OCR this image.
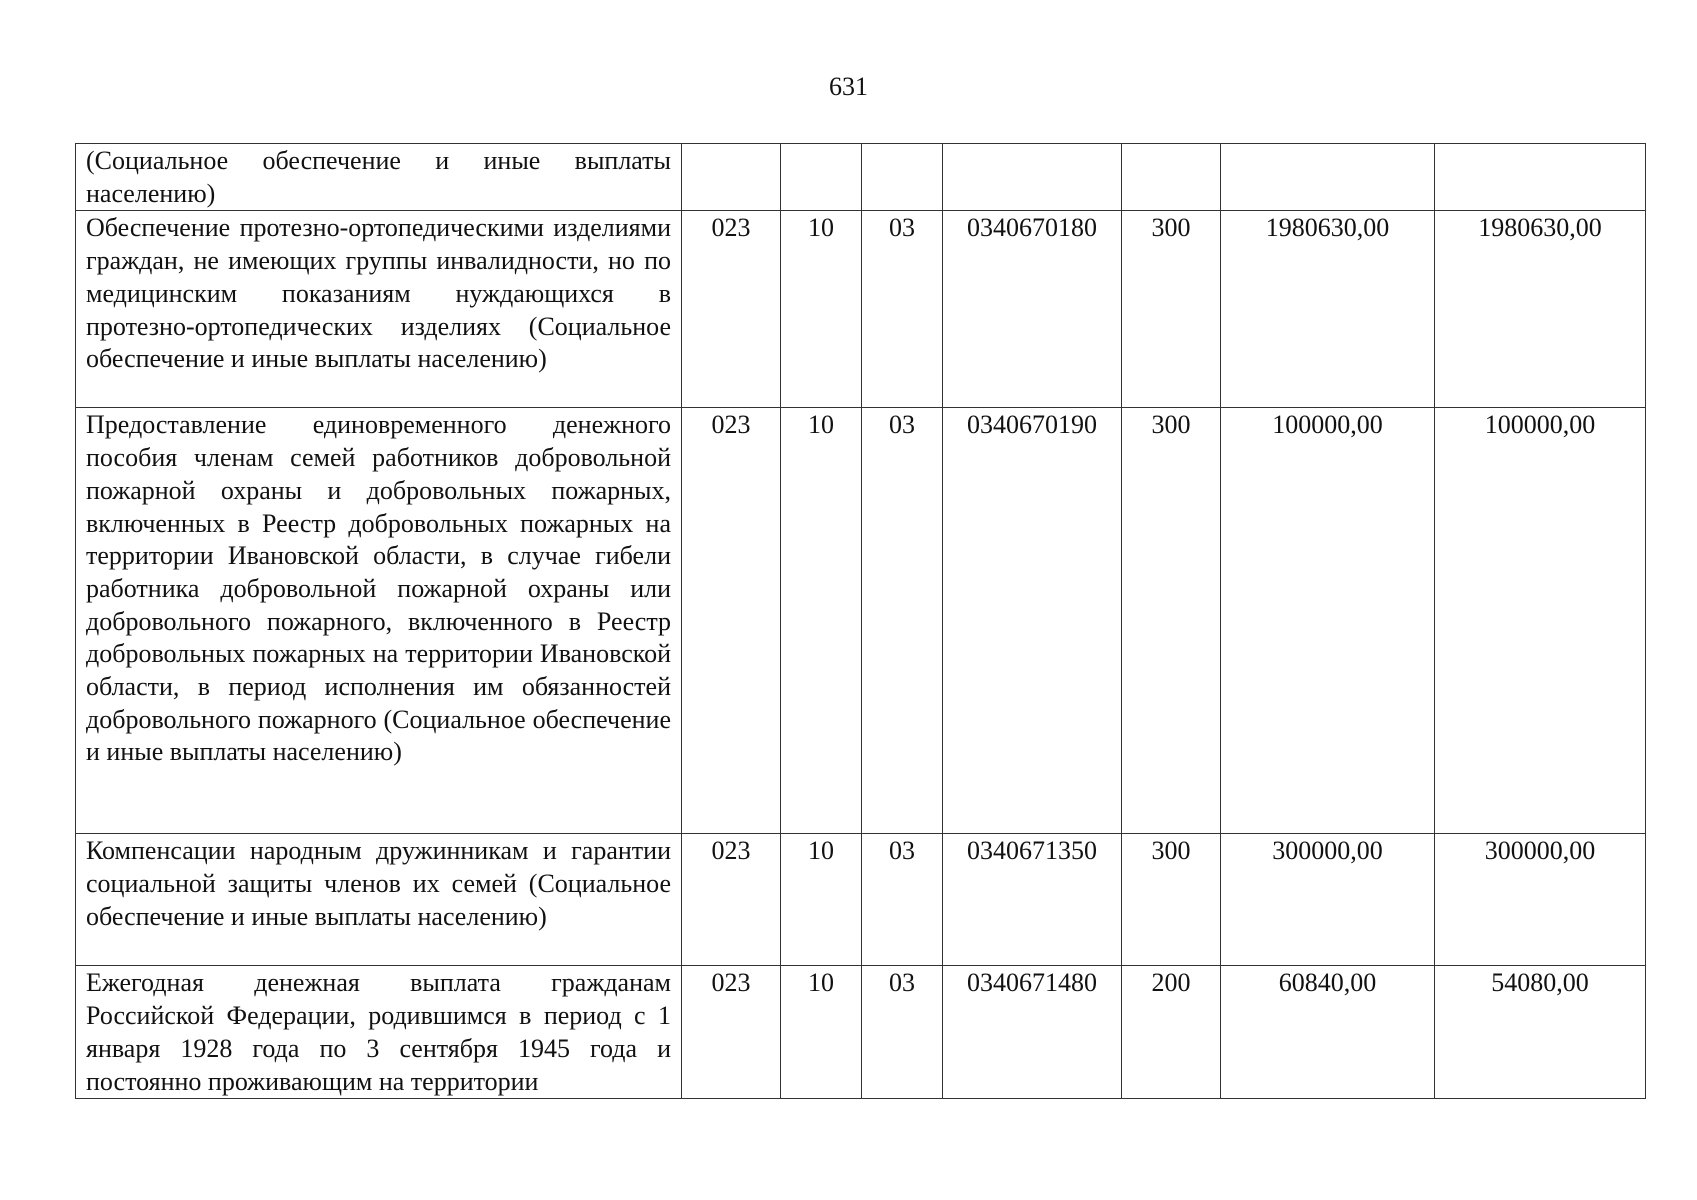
631
(Социальное обеспечение и иные выплаты населению)							
Обеспечение протезно-ортопедическими изделиями граждан, не имеющих группы инвалидности, но по медицинским показаниям нуждающихся в протезно-ортопедических изделиях (Социальное обеспечение и иные выплаты населению)	023	10	03	0340670180	300	1980630,00	1980630,00
Предоставление единовременного денежного пособия членам семей работников добровольной пожарной охраны и добровольных пожарных, включенных в Реестр добровольных пожарных на территории Ивановской области, в случае гибели работника добровольной пожарной охраны или добровольного пожарного, включенного в Реестр добровольных пожарных на территории Ивановской области, в период исполнения им обязанностей добровольного пожарного (Социальное обеспечение и иные выплаты населению)	023	10	03	0340670190	300	100000,00	100000,00
Компенсации народным дружинникам и гарантии социальной защиты членов их семей (Социальное обеспечение и иные выплаты населению)	023	10	03	0340671350	300	300000,00	300000,00
Ежегодная денежная выплата гражданам Российской Федерации, родившимся в период с 1 января 1928 года по 3 сентября 1945 года и постоянно проживающим на территории	023	10	03	0340671480	200	60840,00	54080,00
